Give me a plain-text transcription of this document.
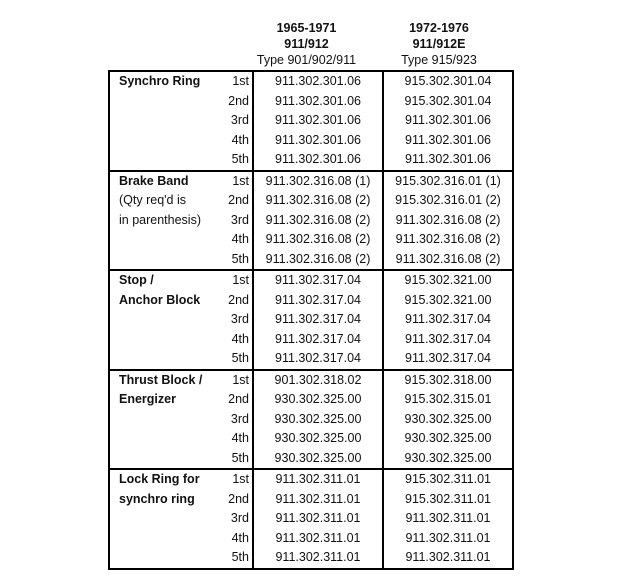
1965-1971
911/912
Type 901/902/911
1972-1976
911/912E
Type 915/923
Synchro Ring	1st	911.302.301.06	915.302.301.04
	2nd	911.302.301.06	915.302.301.04
	3rd	911.302.301.06	911.302.301.06
	4th	911.302.301.06	911.302.301.06
	5th	911.302.301.06	911.302.301.06
Brake Band	1st	911.302.316.08 (1)	915.302.316.01 (1)
(Qty req'd is	2nd	911.302.316.08 (2)	915.302.316.01 (2)
in parenthesis)	3rd	911.302.316.08 (2)	911.302.316.08 (2)
	4th	911.302.316.08 (2)	911.302.316.08 (2)
	5th	911.302.316.08 (2)	911.302.316.08 (2)
Stop /	1st	911.302.317.04	915.302.321.00
Anchor Block	2nd	911.302.317.04	915.302.321.00
	3rd	911.302.317.04	911.302.317.04
	4th	911.302.317.04	911.302.317.04
	5th	911.302.317.04	911.302.317.04
Thrust Block /	1st	901.302.318.02	915.302.318.00
Energizer	2nd	930.302.325.00	915.302.315.01
	3rd	930.302.325.00	930.302.325.00
	4th	930.302.325.00	930.302.325.00
	5th	930.302.325.00	930.302.325.00
Lock Ring for	1st	911.302.311.01	915.302.311.01
synchro ring	2nd	911.302.311.01	915.302.311.01
	3rd	911.302.311.01	911.302.311.01
	4th	911.302.311.01	911.302.311.01
	5th	911.302.311.01	911.302.311.01
